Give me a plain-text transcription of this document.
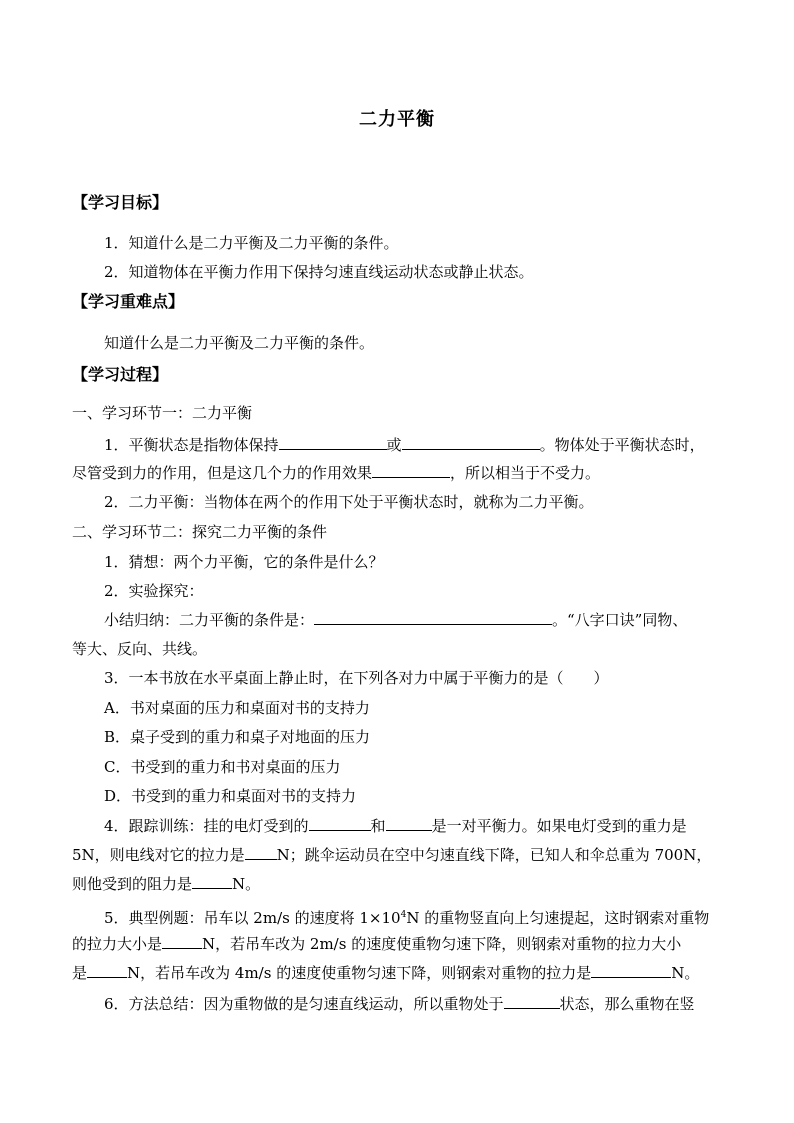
二力平衡
【学习目标】
1．知道什么是二力平衡及二力平衡的条件。
2．知道物体在平衡力作用下保持匀速直线运动状态或静止状态。
【学习重难点】
知道什么是二力平衡及二力平衡的条件。
【学习过程】
一、学习环节一：二力平衡
1．平衡状态是指物体保持	或	。物体处于平衡状态时，
尽管受到力的作用，但是这几个力的作用效果	，所以相当于不受力。
2．二力平衡：当物体在两个的作用下处于平衡状态时，就称为二力平衡。
二、学习环节二：探究二力平衡的条件
1．猜想：两个力平衡，它的条件是什么？
2．实验探究：
小结归纳：二力平衡的条件是：	。“八字口诀”同物、
等大、反向、共线。
3．一本书放在水平桌面上静止时，在下列各对力中属于平衡力的是（　　）
A．书对桌面的压力和桌面对书的支持力
B．桌子受到的重力和桌子对地面的压力
C．书受到的重力和书对桌面的压力
D．书受到的重力和桌面对书的支持力
4．跟踪训练：挂的电灯受到的	和	是一对平衡力。如果电灯受到的重力是
5N，则电线对它的拉力是 N；跳伞运动员在空中匀速直线下降，已知人和伞总重为 700N，
则他受到的阻力是	N。
5．典型例题：吊车以 2m/s 的速度将 $1\times 10^4N$ 的重物竖直向上匀速提起，这时钢索对重物
的拉力大小是	N，若吊车改为 2m/s 的速度使重物匀速下降，则钢索对重物的拉力大小
是	N，若吊车改为 4m/s 的速度使重物匀速下降，则钢索对重物的拉力是	N。
6．方法总结：因为重物做的是匀速直线运动，所以重物处于	状态，那么重物在竖
